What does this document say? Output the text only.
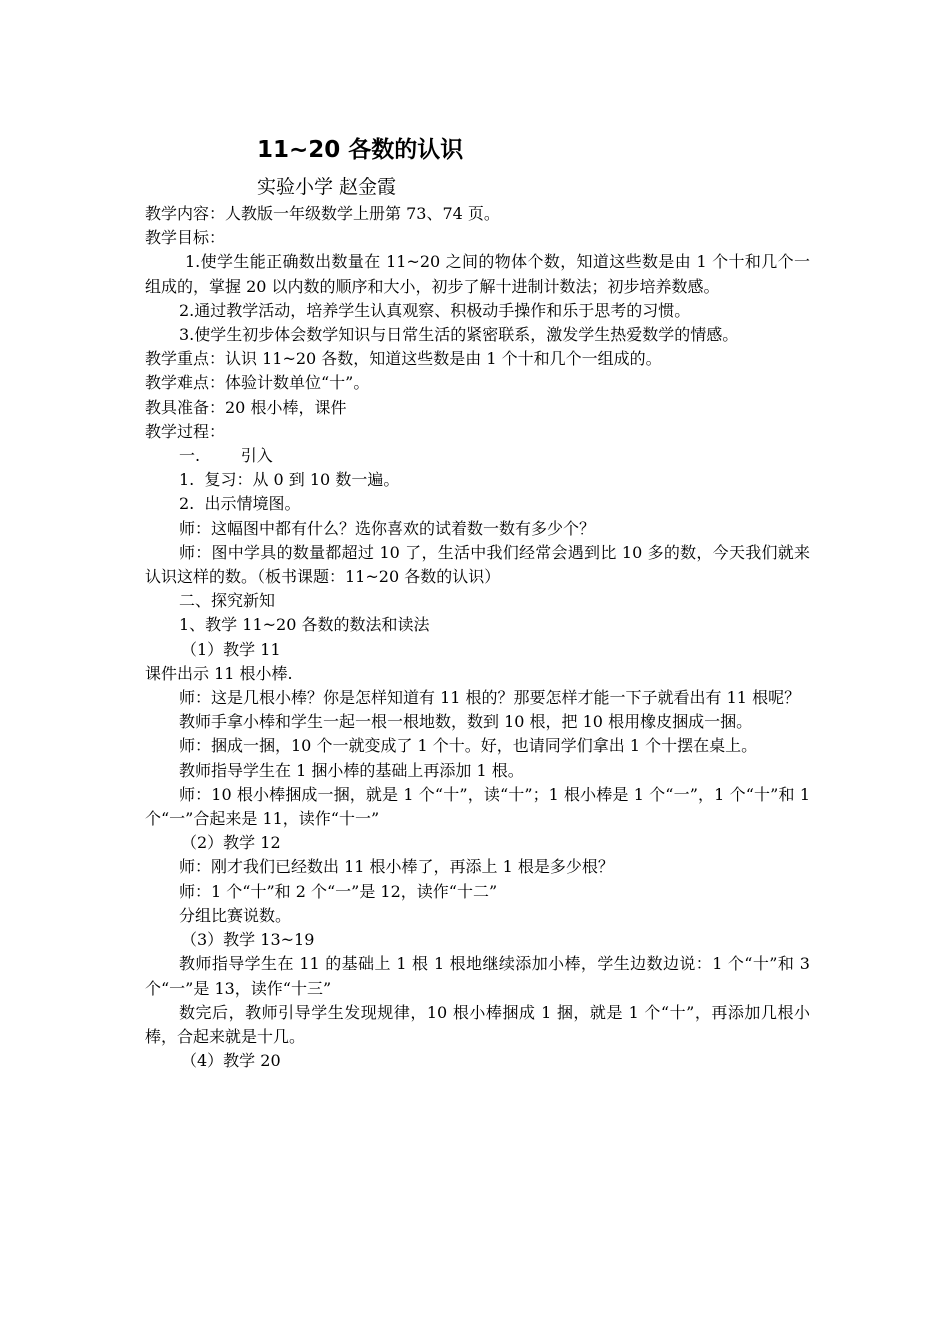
11~20 各数的认识
实验小学 赵金霞
教学内容：人教版一年级数学上册第 73、74 页。
教学目标：
1.使学生能正确数出数量在 11~20 之间的物体个数，知道这些数是由 1 个十和几个一组成的，掌握 20 以内数的顺序和大小，初步了解十进制计数法；初步培养数感。
2.通过教学活动，培养学生认真观察、积极动手操作和乐于思考的习惯。
3.使学生初步体会数学知识与日常生活的紧密联系，激发学生热爱数学的情感。
教学重点：认识 11~20 各数，知道这些数是由 1 个十和几个一组成的。
教学难点：体验计数单位“十”。
教具准备：20 根小棒，课件
教学过程：
一.        引入
1.  复习：从 0 到 10 数一遍。
2.  出示情境图。
师：这幅图中都有什么？选你喜欢的试着数一数有多少个？
师：图中学具的数量都超过 10 了，生活中我们经常会遇到比 10 多的数，今天我们就来认识这样的数。（板书课题：11~20 各数的认识）
二、探究新知
1、教学 11~20 各数的数法和读法
（1）教学 11
课件出示 11 根小棒.
师：这是几根小棒？你是怎样知道有 11 根的？那要怎样才能一下子就看出有 11 根呢？
教师手拿小棒和学生一起一根一根地数，数到 10 根，把 10 根用橡皮捆成一捆。
师：捆成一捆，10 个一就变成了 1 个十。好，也请同学们拿出 1 个十摆在桌上。
教师指导学生在 1 捆小棒的基础上再添加 1 根。
师：10 根小棒捆成一捆，就是 1 个“十”，读“十”；1 根小棒是 1 个“一”，1 个“十”和 1 个“一”合起来是 11，读作“十一”
（2）教学 12
师：刚才我们已经数出 11 根小棒了，再添上 1 根是多少根？
师：1 个“十”和 2 个“一”是 12，读作“十二”
分组比赛说数。
（3）教学 13~19
教师指导学生在 11 的基础上 1 根 1 根地继续添加小棒，学生边数边说：1 个“十”和 3 个“一”是 13，读作“十三”
数完后，教师引导学生发现规律，10 根小棒捆成 1 捆，就是 1 个“十”，再添加几根小棒，合起来就是十几。
（4）教学 20
